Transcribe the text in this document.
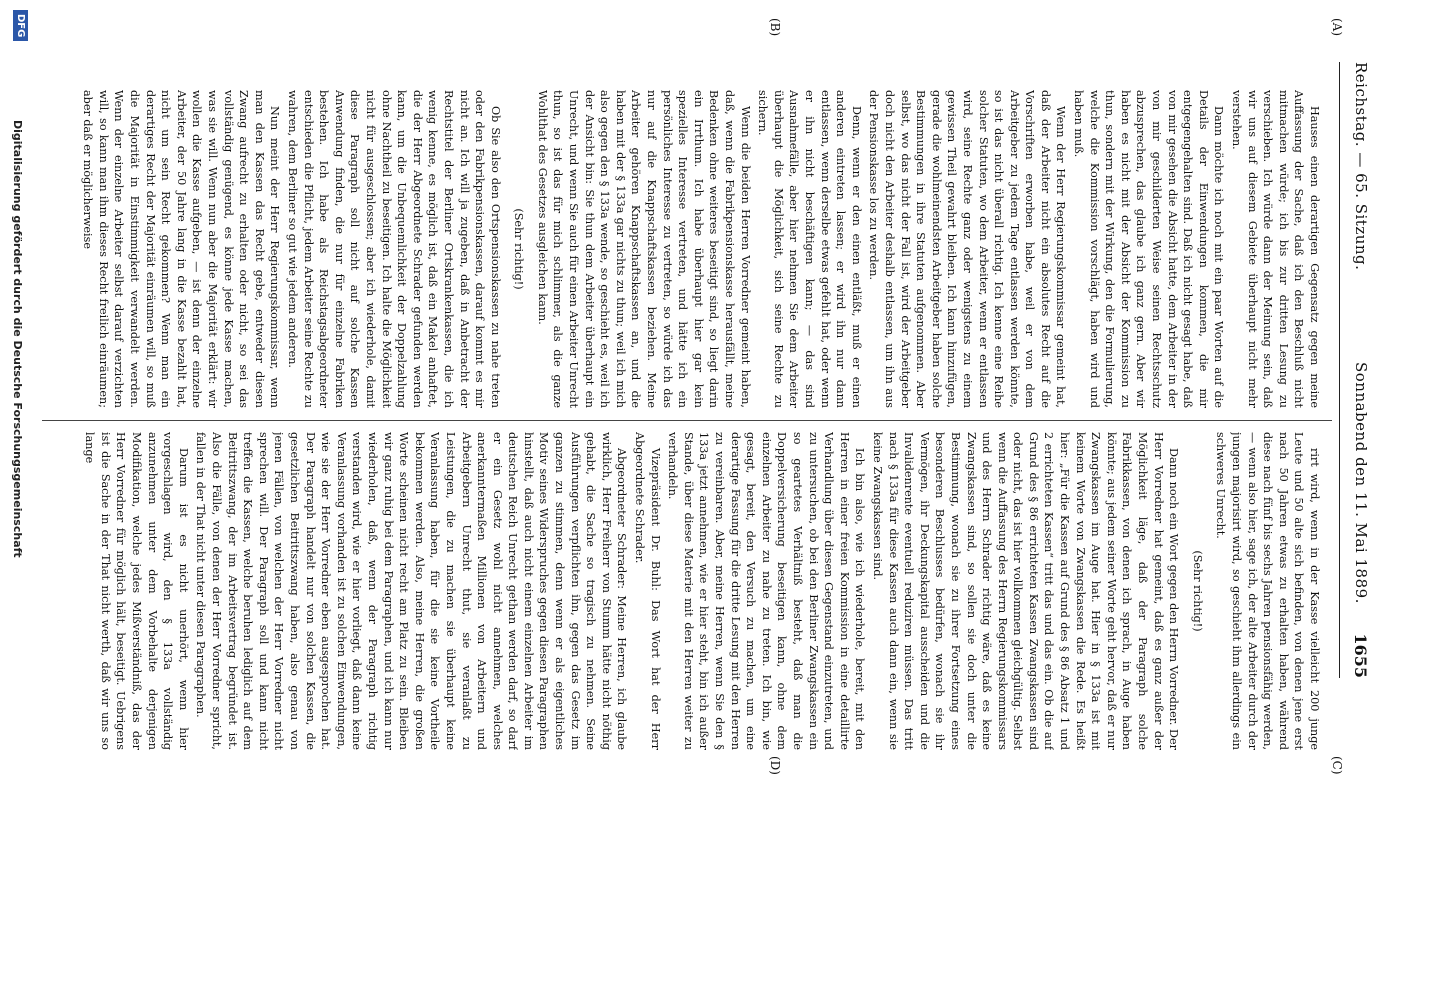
Reichstag. — 65. Sitzung.
Sonnabend den 11. Mai 1889.
1655
(A)
(B)
(C)
(D)

Hauses einen derartigen Gegensatz gegen meine Auffassung der Sache, daß ich den Beschluß nicht mitmachen würde; ich bis zur dritten Lesung zu verschieben. Ich würde dann der Meinung sein, daß wir uns auf diesem Gebiete überhaupt nicht mehr verstehen.

Dann möchte ich noch mit ein paar Worten auf die Details der Einwendungen kommen, die mir entgegengehalten sind. Daß ich nicht gesagt habe, daß von mir gesehen die Absicht hatte, dem Arbeiter in der von mir geschilderten Weise seinen Rechtsschutz abzusprechen, das glaube ich ganz gern. Aber wir haben es nicht mit der Absicht der Kommission zu thun, sondern mit der Wirkung, den die Formulierung, welche die Kommission vorschlägt, haben wird und haben muß.

Wenn der Herr Regierungskommissar gemeint hat, daß der Arbeiter nicht ein absolutes Recht auf die Vorschriften erworben habe, weil er von dem Arbeitgeber zu jedem Tage entlassen werden könnte, so ist das nicht überall richtig. Ich kenne eine Reihe solcher Statuten, wo dem Arbeiter, wenn er entlassen wird, seine Rechte ganz oder wenigstens zu einem gewissen Theil gewahrt bleiben. Ich kann hinzufügen, gerade die wohlmeinendsten Arbeitgeber haben solche Bestimmungen in ihre Statuten aufgenommen. Aber selbst, wo das nicht der Fall ist, wird der Arbeitgeber doch nicht den Arbeiter deshalb entlassen, um ihn aus der Pensionskasse los zu werden.

Denn, wenn er den einen entläßt, muß er einen anderen eintreten lassen; er wird ihn nur dann entlassen, wenn derselbe etwas gefehlt hat, oder wenn er ihn nicht beschäftigen kann; — das sind Ausnahmefälle, aber hier nehmen Sie dem Arbeiter überhaupt die Möglichkeit, sich seine Rechte zu sichern.

Wenn die beiden Herren Vorredner gemeint haben, daß, wenn die Fabrikpensionskasse herausfällt, meine Bedenken ohne weiteres beseitigt sind, so liegt darin ein Irrthum. Ich habe überhaupt hier gar kein spezielles Interesse vertreten, und hätte ich ein persönliches Interesse zu vertreten, so würde ich das nur auf die Knappschaftskassen beziehen. Meine Arbeiter gehören Knappschaftskassen an, und die haben mit der § 133a gar nichts zu thun; weil ich mich also gegen den § 133a wende, so geschieht es, weil ich der Ansicht bin: Sie thun dem Arbeiter überhaupt ein Unrecht, und wenn Sie auch für einen Arbeiter Unrecht thun, so ist das für mich schlimmer, als die ganze Wohlthat des Gesetzes ausgleichen kann.

(Sehr richtig!)

Ob Sie also den Ortspensionskassen zu nahe treten oder den Fabrikpensionskassen, darauf kommt es mir nicht an. Ich will ja zugeben, daß in Anbetracht der Rechtstitel der Berliner Ortskrankenkassen, die ich wenig kenne, es möglich ist, daß ein Makel anhaftet, die der Herr Abgeordnete Schrader gefunden werden kann, um die Unbequemlichkeit der Doppelzahlung ohne Nachtheil zu beseitigen. Ich halte die Möglichkeit nicht für ausgeschlossen; aber ich wiederhole, damit diese Paragraph soll nicht auf solche Kassen Anwendung finden, die nur für einzelne Fabriken bestehen. Ich habe als Reichstagsabgeordneter entschieden die Pflicht, jedem Arbeiter seine Rechte zu wahren, dem Berliner so gut wie jedem anderen.

Nun meint der Herr Regierungskommissar, wenn man den Kassen das Recht gebe, entweder diesen Zwang aufrecht zu erhalten oder nicht, so sei das vollständig genügend, es könne jede Kasse machen, was sie will. Wenn nun aber die Majorität erklärt: wir wollen die Kasse aufgeben, — ist denn der einzelne Arbeiter, der 50 Jahre lang in die Kasse bezahlt hat, nicht um sein Recht gekommen? Wenn man ein derartiges Recht der Majorität einräumen will, so muß die Majorität in Einstimmigkeit verwandelt werden. Wenn der einzelne Arbeiter selbst darauf verzichten will, so kann man ihm dieses Recht freilich einräumen; aber daß er möglicherweise

rirt wird, wenn in der Kasse vielleicht 200 junge Leute und 50 alte sich befinden, von denen jene erst nach 50 Jahren etwas zu erhalten haben, während diese nach fünf bis sechs Jahren pensionsfähig werden, — wenn also hier, sage ich, der alte Arbeiter durch der jungen majorisirt wird, so geschieht ihm allerdings ein schweres Unrecht.

(Sehr richtig!)

Dann noch ein Wort gegen den Herrn Vorredner. Der Herr Vorredner hat gemeint, daß es ganz außer der Möglichkeit läge, daß der Paragraph solche Fabrikkassen, von denen ich sprach, in Auge haben könnte; aus jedem seiner Worte geht hervor, daß er nur Zwangskassen im Auge hat. Hier in § 133a ist mit keinem Worte von Zwangskassen die Rede. Es heißt hier: „Für die Kassen auf Grund des § 86 Absatz 1 und 2 errichteten Kassen“ tritt das und das ein. Ob die auf Grund des § 86 errichteten Kassen Zwangskassen sind oder nicht, das ist hier vollkommen gleichgültig. Selbst wenn die Auffassung des Herrn Regierungskommissars und des Herrn Schrader richtig wäre, daß es keine Zwangskassen sind, so sollen sie doch unter die Bestimmung, wonach sie zu ihrer Fortsetzung eines besonderen Beschlusses bedürfen, wonach sie ihr Vermögen, ihr Deckungskapital ausscheiden und die Invalidenrente eventuell reduziren müssen. Das tritt nach § 133a für diese Kassen auch dann ein, wenn sie keine Zwangskassen sind.

Ich bin also, wie ich wiederhole, bereit, mit den Herren in einer freien Kommission in eine detaillirte Verhandlung über diesen Gegenstand einzutreten, und zu untersuchen, ob bei den Berliner Zwangskassen ein so geartetes Verhältniß besteht, daß man die Doppelversicherung beseitigen kann, ohne dem einzelnen Arbeiter zu nahe zu treten. Ich bin, wie gesagt, bereit, den Versuch zu machen, um eine derartige Fassung für die dritte Lesung mit den Herren zu vereinbaren. Aber, meine Herren, wenn Sie den § 133a jetzt annehmen, wie er hier steht, bin ich außer Stande, über diese Materie mit den Herren weiter zu verhandeln.

Vizepräsident Dr. Buhl: Das Wort hat der Herr Abgeordnete Schrader.

Abgeordneter Schrader: Meine Herren, ich glaube wirklich, Herr Freiherr von Stumm hätte nicht nöthig gehabt, die Sache so tragisch zu nehmen. Seine Ausführungen verpflichten ihn, gegen das Gesetz im ganzen zu stimmen, denn wenn er als eigentliches Motiv seines Widerspruches gegen diesen Paragraphen hinstellt, daß auch nicht einem einzelnen Arbeiter im deutschen Reich Unrecht gethan werden darf, so darf er ein Gesetz wohl nicht annehmen, welches anerkanntermaßen Millionen von Arbeitern und Arbeitgebern Unrecht thut, sie veranlaßt zu Leistungen, die zu machen sie überhaupt keine Veranlassung haben, für die sie keine Vortheile bekommen werden. Also, meine Herren, die großen Worte scheinen nicht recht am Platz zu sein. Bleiben wir ganz ruhig bei dem Paragraphen, und ich kann nur wiederholen, daß, wenn der Paragraph richtig verstanden wird, wie er hier vorliegt, daß dann keine Veranlassung vorhanden ist zu solchen Einwendungen, wie sie der Herr Vorredner eben ausgesprochen hat. Der Paragraph handelt nur von solchen Kassen, die gesetzlichen Beitrittszwang haben, also genau von jenen Fällen, von welchen der Herr Vorredner nicht sprechen will. Der Paragraph soll und kann nicht treffen die Kassen, welche beruhen lediglich auf dem Beitrittszwang, der im Arbeitsvertrag begründet ist. Also die Fälle, von denen der Herr Vorredner spricht, fallen in der That nicht unter diesen Paragraphen.

Darum ist es nicht unerhört, wenn hier vorgeschlagen wird, den § 133a vollständig anzunehmen unter dem Vorbehalte derjenigen Modifikation, welche jedes Mißverständniß, das der Herr Vorredner für möglich hält, beseitigt. Uebrigens ist die Sache in der That nicht werth, daß wir uns so lange

DFG
Digitalisierung gefördert durch die Deutsche Forschungsgemeinschaft
